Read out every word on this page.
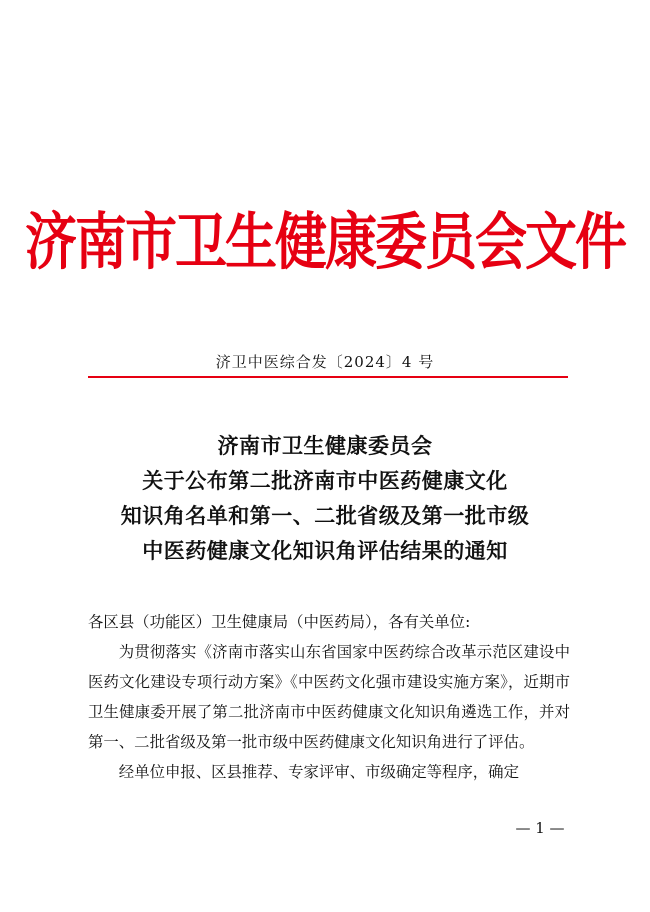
济南市卫生健康委员会文件
济卫中医综合发〔2024〕4 号
济南市卫生健康委员会
关于公布第二批济南市中医药健康文化
知识角名单和第一、二批省级及第一批市级
中医药健康文化知识角评估结果的通知

各区县（功能区）卫生健康局（中医药局），各有关单位:

为贯彻落实《济南市落实山东省国家中医药综合改革示范区建设中医药文化建设专项行动方案》《中医药文化强市建设实施方案》，近期市卫生健康委开展了第二批济南市中医药健康文化知识角遴选工作，并对第一、二批省级及第一批市级中医药健康文化知识角进行了评估。

经单位申报、区县推荐、专家评审、市级确定等程序，确定

— 1 —
